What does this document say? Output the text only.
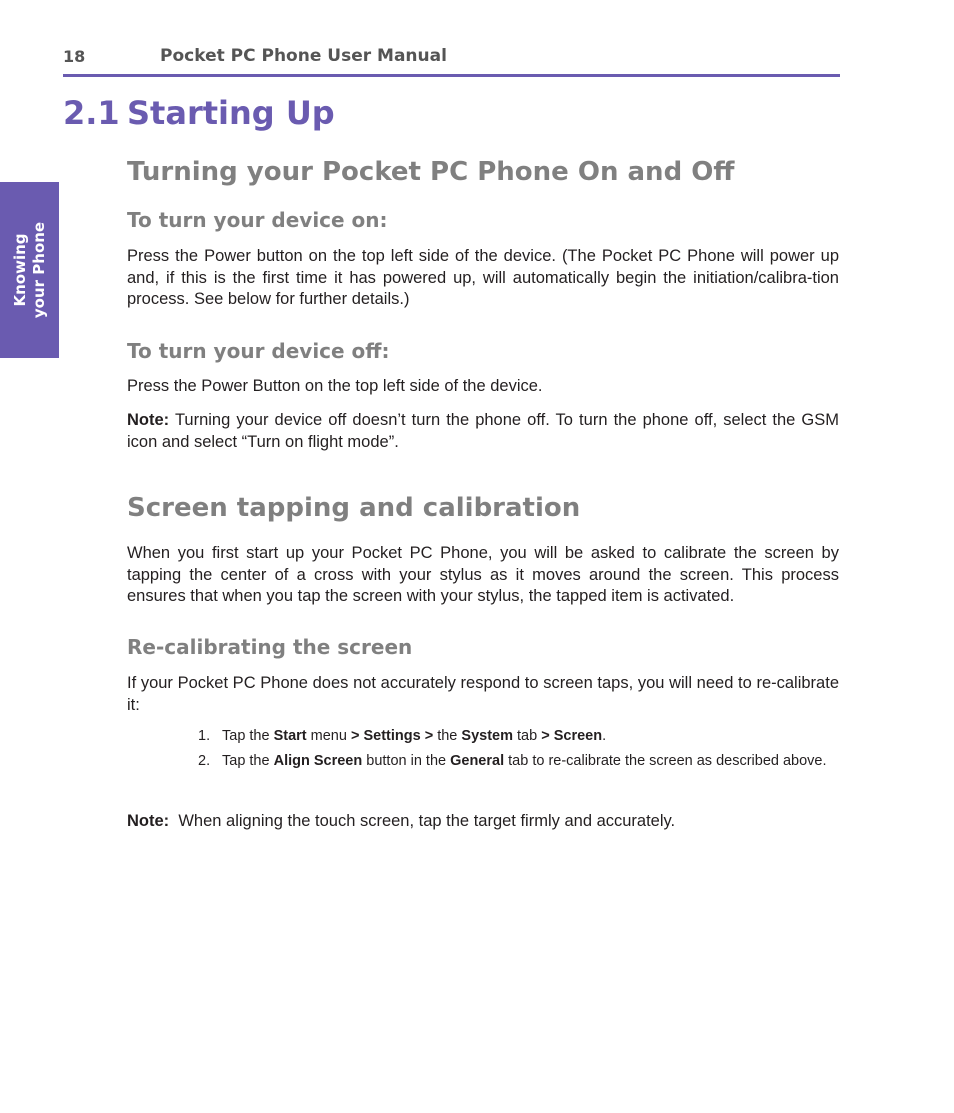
18	Pocket PC Phone User Manual
Knowing your Phone
2.1 Starting Up
Turning your Pocket PC Phone On and Off
To turn your device on:

Press the Power button on the top left side of the device. (The Pocket PC Phone will power up and, if this is the first time it has powered up, will automatically begin the initiation/calibra-tion process. See below for further details.)

To turn your device off:

Press the Power Button on the top left side of the device.

Note: Turning your device off doesn’t turn the phone off. To turn the phone off, select the GSM icon and select “Turn on flight mode”.

Screen tapping and calibration

When you first start up your Pocket PC Phone, you will be asked to calibrate the screen by tapping the center of a cross with your stylus as it moves around the screen. This process ensures that when you tap the screen with your stylus, the tapped item is activated.

Re-calibrating the screen

If your Pocket PC Phone does not accurately respond to screen taps, you will need to re-calibrate it:

1. Tap the Start menu > Settings > the System tab > Screen.
2. Tap the Align Screen button in the General tab to re-calibrate the screen as described above.

Note:  When aligning the touch screen, tap the target firmly and accurately.
